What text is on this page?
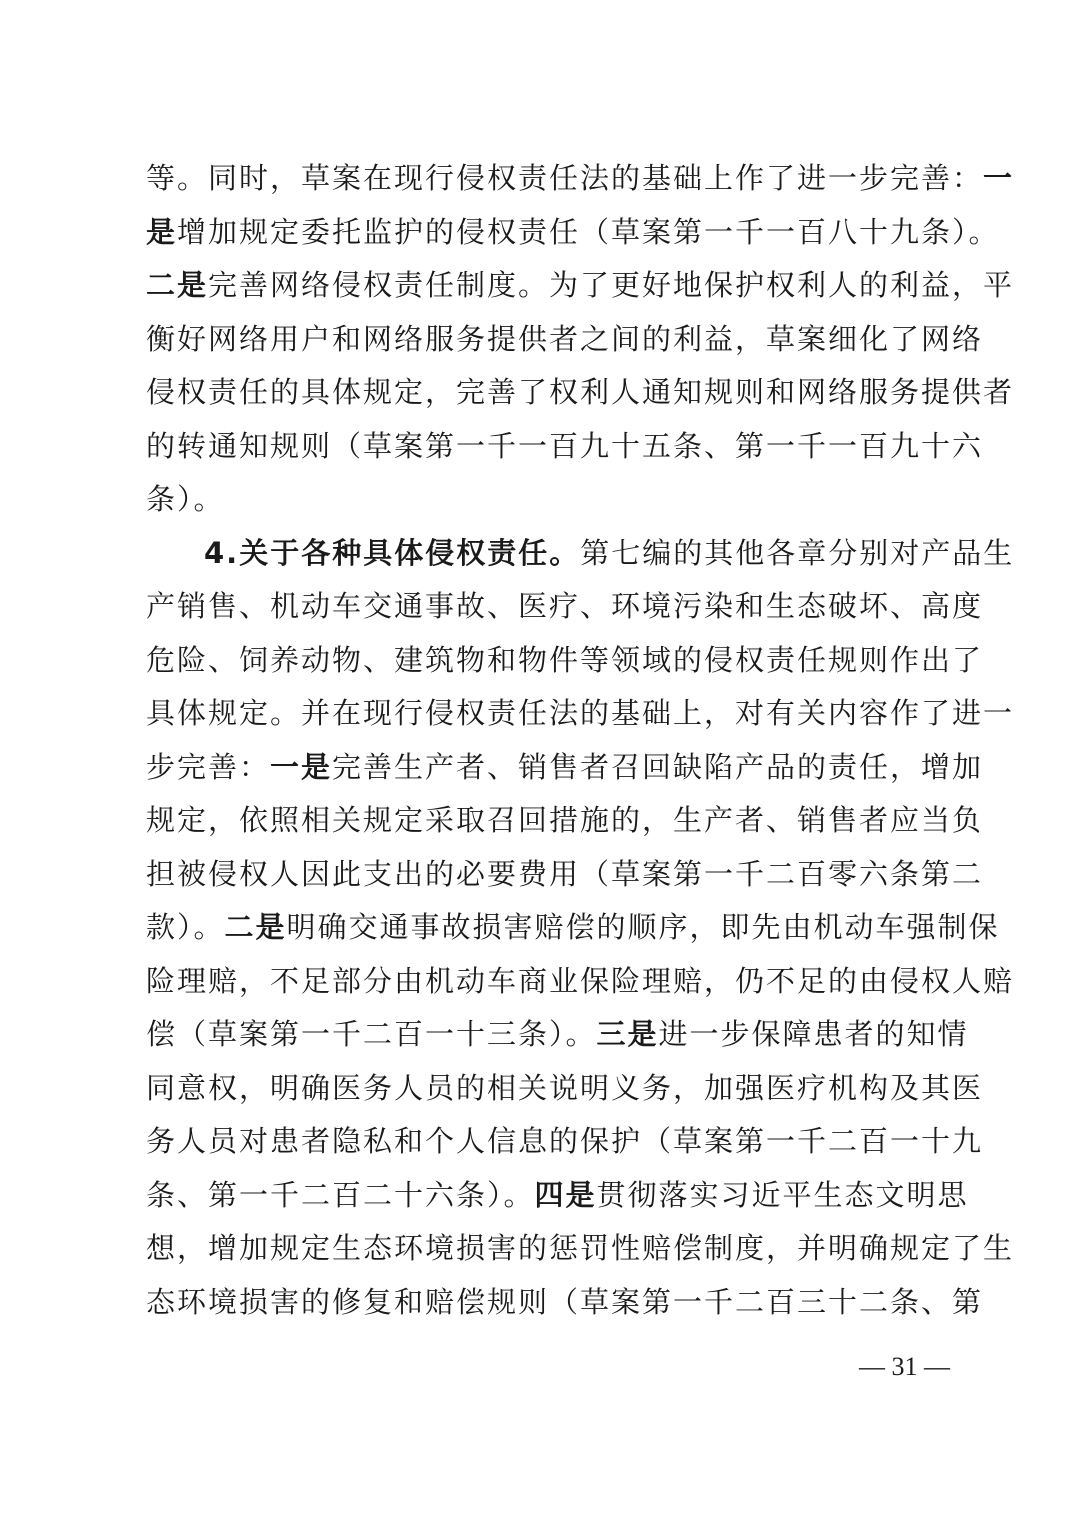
等。同时，草案在现行侵权责任法的基础上作了进一步完善：一
是增加规定委托监护的侵权责任（草案第一千一百八十九条）。
二是完善网络侵权责任制度。为了更好地保护权利人的利益，平
衡好网络用户和网络服务提供者之间的利益，草案细化了网络
侵权责任的具体规定，完善了权利人通知规则和网络服务提供者
的转通知规则（草案第一千一百九十五条、第一千一百九十六
条）。
4.关于各种具体侵权责任。第七编的其他各章分别对产品生
产销售、机动车交通事故、医疗、环境污染和生态破坏、高度
危险、饲养动物、建筑物和物件等领域的侵权责任规则作出了
具体规定。并在现行侵权责任法的基础上，对有关内容作了进一
步完善：一是完善生产者、销售者召回缺陷产品的责任，增加
规定，依照相关规定采取召回措施的，生产者、销售者应当负
担被侵权人因此支出的必要费用（草案第一千二百零六条第二
款）。二是明确交通事故损害赔偿的顺序，即先由机动车强制保
险理赔，不足部分由机动车商业保险理赔，仍不足的由侵权人赔
偿（草案第一千二百一十三条）。三是进一步保障患者的知情
同意权，明确医务人员的相关说明义务，加强医疗机构及其医
务人员对患者隐私和个人信息的保护（草案第一千二百一十九
条、第一千二百二十六条）。四是贯彻落实习近平生态文明思
想，增加规定生态环境损害的惩罚性赔偿制度，并明确规定了生
态环境损害的修复和赔偿规则（草案第一千二百三十二条、第
— 31 —
